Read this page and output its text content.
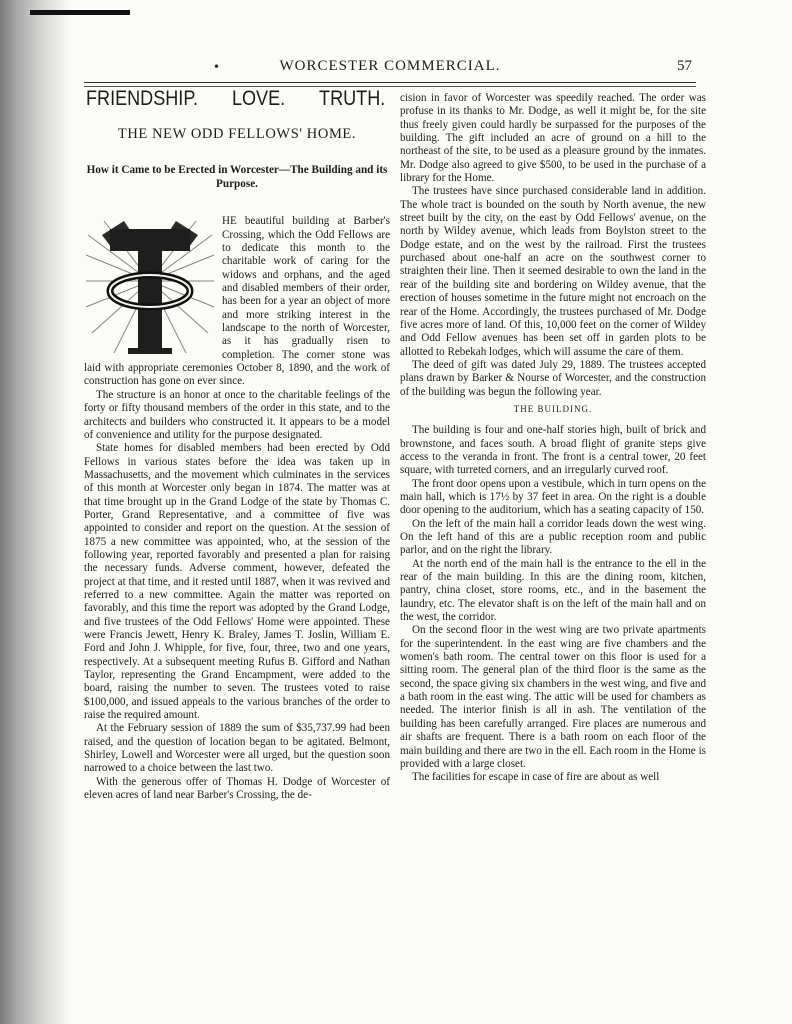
•	WORCESTER COMMERCIAL.	57
FRIENDSHIP. LOVE. TRUTH.
THE NEW ODD FELLOWS' HOME.
How it Came to be Erected in Worcester—The Building and its Purpose.

HE beautiful building at Barber's Crossing, which the Odd Fellows are to dedicate this month to the charitable work of caring for the widows and orphans, and the aged and disabled members of their order, has been for a year an object of more and more striking interest in the landscape to the north of Worcester, as it has gradually risen to completion. The corner stone was laid with appropriate ceremonies October 8, 1890, and the work of construction has gone on ever since.

The structure is an honor at once to the charitable feelings of the forty or fifty thousand members of the order in this state, and to the architects and builders who constructed it. It appears to be a model of convenience and utility for the purpose designated.

State homes for disabled members had been erected by Odd Fellows in various states before the idea was taken up in Massachusetts, and the movement which culminates in the services of this month at Worcester only began in 1874. The matter was at that time brought up in the Grand Lodge of the state by Thomas C. Porter, Grand Representative, and a committee of five was appointed to consider and report on the question. At the session of 1875 a new committee was appointed, who, at the session of the following year, reported favorably and presented a plan for raising the necessary funds. Adverse comment, however, defeated the project at that time, and it rested until 1887, when it was revived and referred to a new committee. Again the matter was reported on favorably, and this time the report was adopted by the Grand Lodge, and five trustees of the Odd Fellows' Home were appointed. These were Francis Jewett, Henry K. Braley, James T. Joslin, William E. Ford and John J. Whipple, for five, four, three, two and one years, respectively. At a subsequent meeting Rufus B. Gifford and Nathan Taylor, representing the Grand Encampment, were added to the board, raising the number to seven. The trustees voted to raise $100,000, and issued appeals to the various branches of the order to raise the required amount.

At the February session of 1889 the sum of $35,737.99 had been raised, and the question of location began to be agitated. Belmont, Shirley, Lowell and Worcester were all urged, but the question soon narrowed to a choice between the last two.

With the generous offer of Thomas H. Dodge of Worcester of eleven acres of land near Barber's Crossing, the de-

cision in favor of Worcester was speedily reached. The order was profuse in its thanks to Mr. Dodge, as well it might be, for the site thus freely given could hardly be surpassed for the purposes of the building. The gift included an acre of ground on a hill to the northeast of the site, to be used as a pleasure ground by the inmates. Mr. Dodge also agreed to give $500, to be used in the purchase of a library for the Home.

The trustees have since purchased considerable land in addition. The whole tract is bounded on the south by North avenue, the new street built by the city, on the east by Odd Fellows' avenue, on the north by Wildey avenue, which leads from Boylston street to the Dodge estate, and on the west by the railroad. First the trustees purchased about one-half an acre on the southwest corner to straighten their line. Then it seemed desirable to own the land in the rear of the building site and bordering on Wildey avenue, that the erection of houses sometime in the future might not encroach on the rear of the Home. Accordingly, the trustees purchased of Mr. Dodge five acres more of land. Of this, 10,000 feet on the corner of Wildey and Odd Fellow avenues has been set off in garden plots to be allotted to Rebekah lodges, which will assume the care of them.

The deed of gift was dated July 29, 1889. The trustees accepted plans drawn by Barker & Nourse of Worcester, and the construction of the building was begun the following year.

THE BUILDING.

The building is four and one-half stories high, built of brick and brownstone, and faces south. A broad flight of granite steps give access to the veranda in front. The front is a central tower, 20 feet square, with turreted corners, and an irregularly curved roof.

The front door opens upon a vestibule, which in turn opens on the main hall, which is 17½ by 37 feet in area. On the right is a double door opening to the auditorium, which has a seating capacity of 150.

On the left of the main hall a corridor leads down the west wing. On the left hand of this are a public reception room and public parlor, and on the right the library.

At the north end of the main hall is the entrance to the ell in the rear of the main building. In this are the dining room, kitchen, pantry, china closet, store rooms, etc., and in the basement the laundry, etc. The elevator shaft is on the left of the main hall and on the west, the corridor.

On the second floor in the west wing are two private apartments for the superintendent. In the east wing are five chambers and the women's bath room. The central tower on this floor is used for a sitting room. The general plan of the third floor is the same as the second, the space giving six chambers in the west wing, and five and a bath room in the east wing. The attic will be used for chambers as needed. The interior finish is all in ash. The ventilation of the building has been carefully arranged. Fire places are numerous and air shafts are frequent. There is a bath room on each floor of the main building and there are two in the ell. Each room in the Home is provided with a large closet.

The facilities for escape in case of fire are about as well
